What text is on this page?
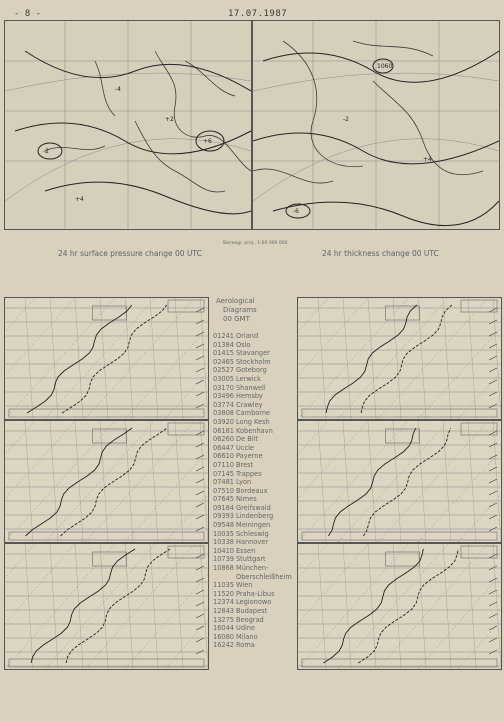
- 8 -	17.07.1987
-2
+6
-4
+2
+4
1060
-6
+4
-2
Stereogr. proj., 1:60 000 000
24 hr surface pressure change 00 UTC	24 hr thickness change 00 UTC
Aerological
Diagrams
00 GMT
01241 Orland
01384 Oslo
01415 Stavanger
02465 Stockholm
02527 Goteborg
03005 Lerwick
03170 Shanwell
03496 Hemsby
03774 Crawley
03808 Camborne
03920 Long Kesh
06181 Kobenhavn
06260 De Bilt
06447 Uccle
06610 Payerne
07110 Brest
07145 Trappes
07481 Lyon
07510 Bordeaux
07645 Nimes
09184 Greifswald
09393 Lindenberg
09548 Meiningen
10035 Schleswig
10338 Hannover
10410 Essen
10739 Stuttgart
10868 München-
Oberschleißheim
11035 Wien
11520 Praha-Libus
12374 Legionowo
12843 Budapest
13275 Beograd
16044 Udine
16080 Milano
16242 Roma
